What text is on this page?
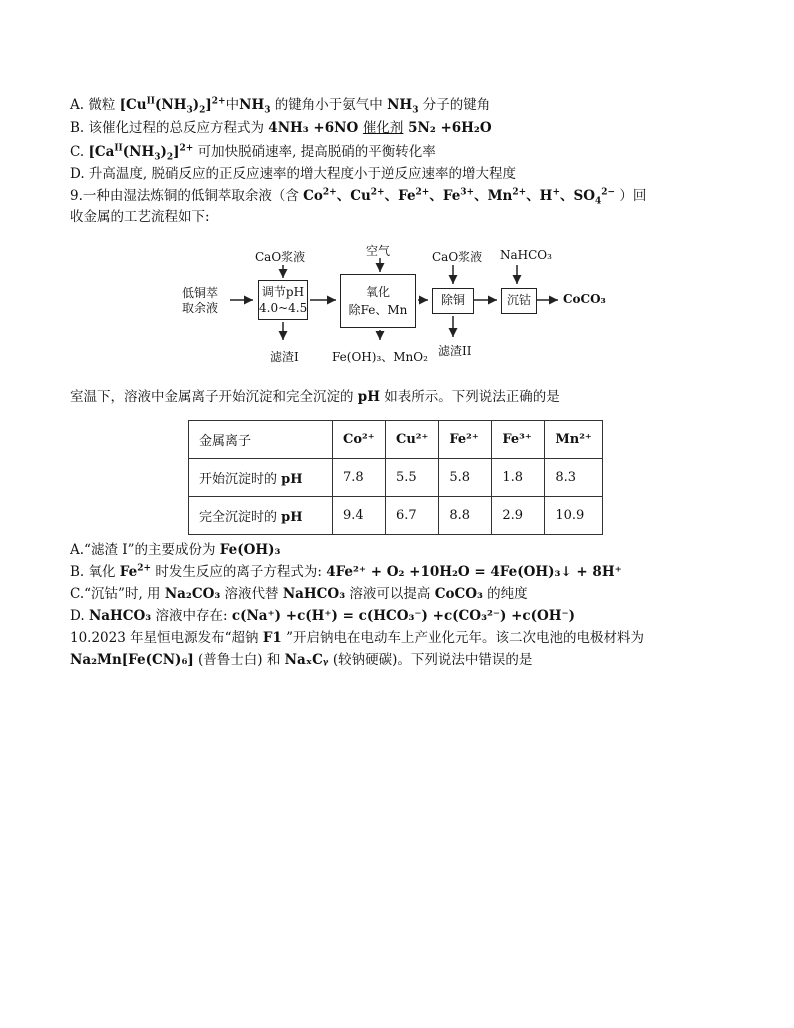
A. 微粒 $[Cu^{II}(NH_3)_2]^{2+}$中$NH_3$ 的键角小于氨气中 $NH_3$ 分子的键角
B. 该催化过程的总反应方程式为 4NH₃ +6NO 催化剂 5N₂ +6H₂O
C. $[Ca^{II}(NH_3)_2]^{2+}$ 可加快脱硝速率, 提高脱硝的平衡转化率
D. 升高温度, 脱硝反应的正反应速率的增大程度小于逆反应速率的增大程度
9.一种由湿法炼铜的低铜萃取余液（含 $Co^{2+}$、$Cu^{2+}$、$Fe^{2+}$、$Fe^{3+}$、$Mn^{2+}$、H+、$SO_4^{2-}$ ）回
收金属的工艺流程如下:
低铜萃
取余液
调节pH
4.0~4.5
CaO浆液
滤渣I
氧化
除Fe、Mn
空气
Fe(OH)₃、MnO₂
除铜
CaO浆液
滤渣II
沉钴
NaHCO₃
CoCO₃
室温下，溶液中金属离子开始沉淀和完全沉淀的 pH 如表所示。下列说法正确的是
金属离子	Co²⁺	Cu²⁺	Fe²⁺	Fe³⁺	Mn²⁺
开始沉淀时的 pH	7.8	5.5	5.8	1.8	8.3
完全沉淀时的 pH	9.4	6.7	8.8	2.9	10.9
A.“滤渣 I”的主要成份为 Fe(OH)₃
B. 氧化 $Fe^{2+}$ 时发生反应的离子方程式为: 4Fe²⁺ + O₂ +10H₂O = 4Fe(OH)₃↓ + 8H⁺
C.“沉钴”时, 用 Na₂CO₃ 溶液代替 NaHCO₃ 溶液可以提高 CoCO₃ 的纯度
D. NaHCO₃ 溶液中存在: c(Na⁺) +c(H⁺) = c(HCO₃⁻) +c(CO₃²⁻) +c(OH⁻)
10.2023 年星恒电源发布“超钠 F1 ”开启钠电在电动车上产业化元年。该二次电池的电极材料为
Na₂Mn[Fe(CN)₆] (普鲁士白) 和 NaₓCᵧ (较钠硬碳)。下列说法中错误的是
